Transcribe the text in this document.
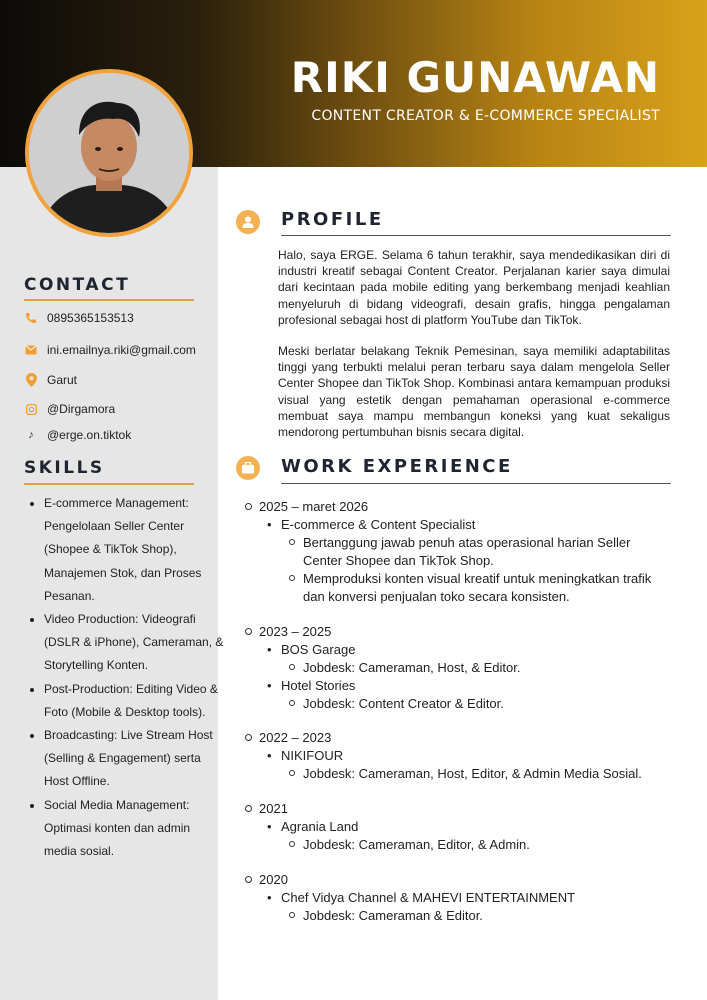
RIKI GUNAWAN
CONTENT CREATOR & E-COMMERCE SPECIALIST
CONTACT
0895365153513
ini.emailnya.riki@gmail.com
Garut
@Dirgamora
♪	@erge.on.tiktok
SKILLS
• E-commerce Management: Pengelolaan Seller Center (Shopee & TikTok Shop), Manajemen Stok, dan Proses Pesanan.
• Video Production: Videografi (DSLR & iPhone), Cameraman, & Storytelling Konten.
• Post-Production: Editing Video & Foto (Mobile & Desktop tools).
• Broadcasting: Live Stream Host (Selling & Engagement) serta Host Offline.
• Social Media Management: Optimasi konten dan admin media sosial.
PROFILE

Halo, saya ERGE. Selama 6 tahun terakhir, saya mendedikasikan diri di industri kreatif sebagai Content Creator. Perjalanan karier saya dimulai dari kecintaan pada mobile editing yang berkembang menjadi keahlian menyeluruh di bidang videografi, desain grafis, hingga pengalaman profesional sebagai host di platform YouTube dan TikTok.

Meski berlatar belakang Teknik Pemesinan, saya memiliki adaptabilitas tinggi yang terbukti melalui peran terbaru saya dalam mengelola Seller Center Shopee dan TikTok Shop. Kombinasi antara kemampuan produksi visual yang estetik dengan pemahaman operasional e-commerce membuat saya mampu membangun koneksi yang kuat sekaligus mendorong pertumbuhan bisnis secara digital.

WORK EXPERIENCE
2025 – maret 2026
• E-commerce & Content Specialist
Bertanggung jawab penuh atas operasional harian Seller Center Shopee dan TikTok Shop.
Memproduksi konten visual kreatif untuk meningkatkan trafik dan konversi penjualan toko secara konsisten.
2023 – 2025
• BOS Garage
Jobdesk: Cameraman, Host, & Editor.
• Hotel Stories
Jobdesk: Content Creator & Editor.
2022 – 2023
• NIKIFOUR
Jobdesk: Cameraman, Host, Editor, & Admin Media Sosial.
2021
• Agrania Land
Jobdesk: Cameraman, Editor, & Admin.
2020
• Chef Vidya Channel & MAHEVI ENTERTAINMENT
Jobdesk: Cameraman & Editor.
